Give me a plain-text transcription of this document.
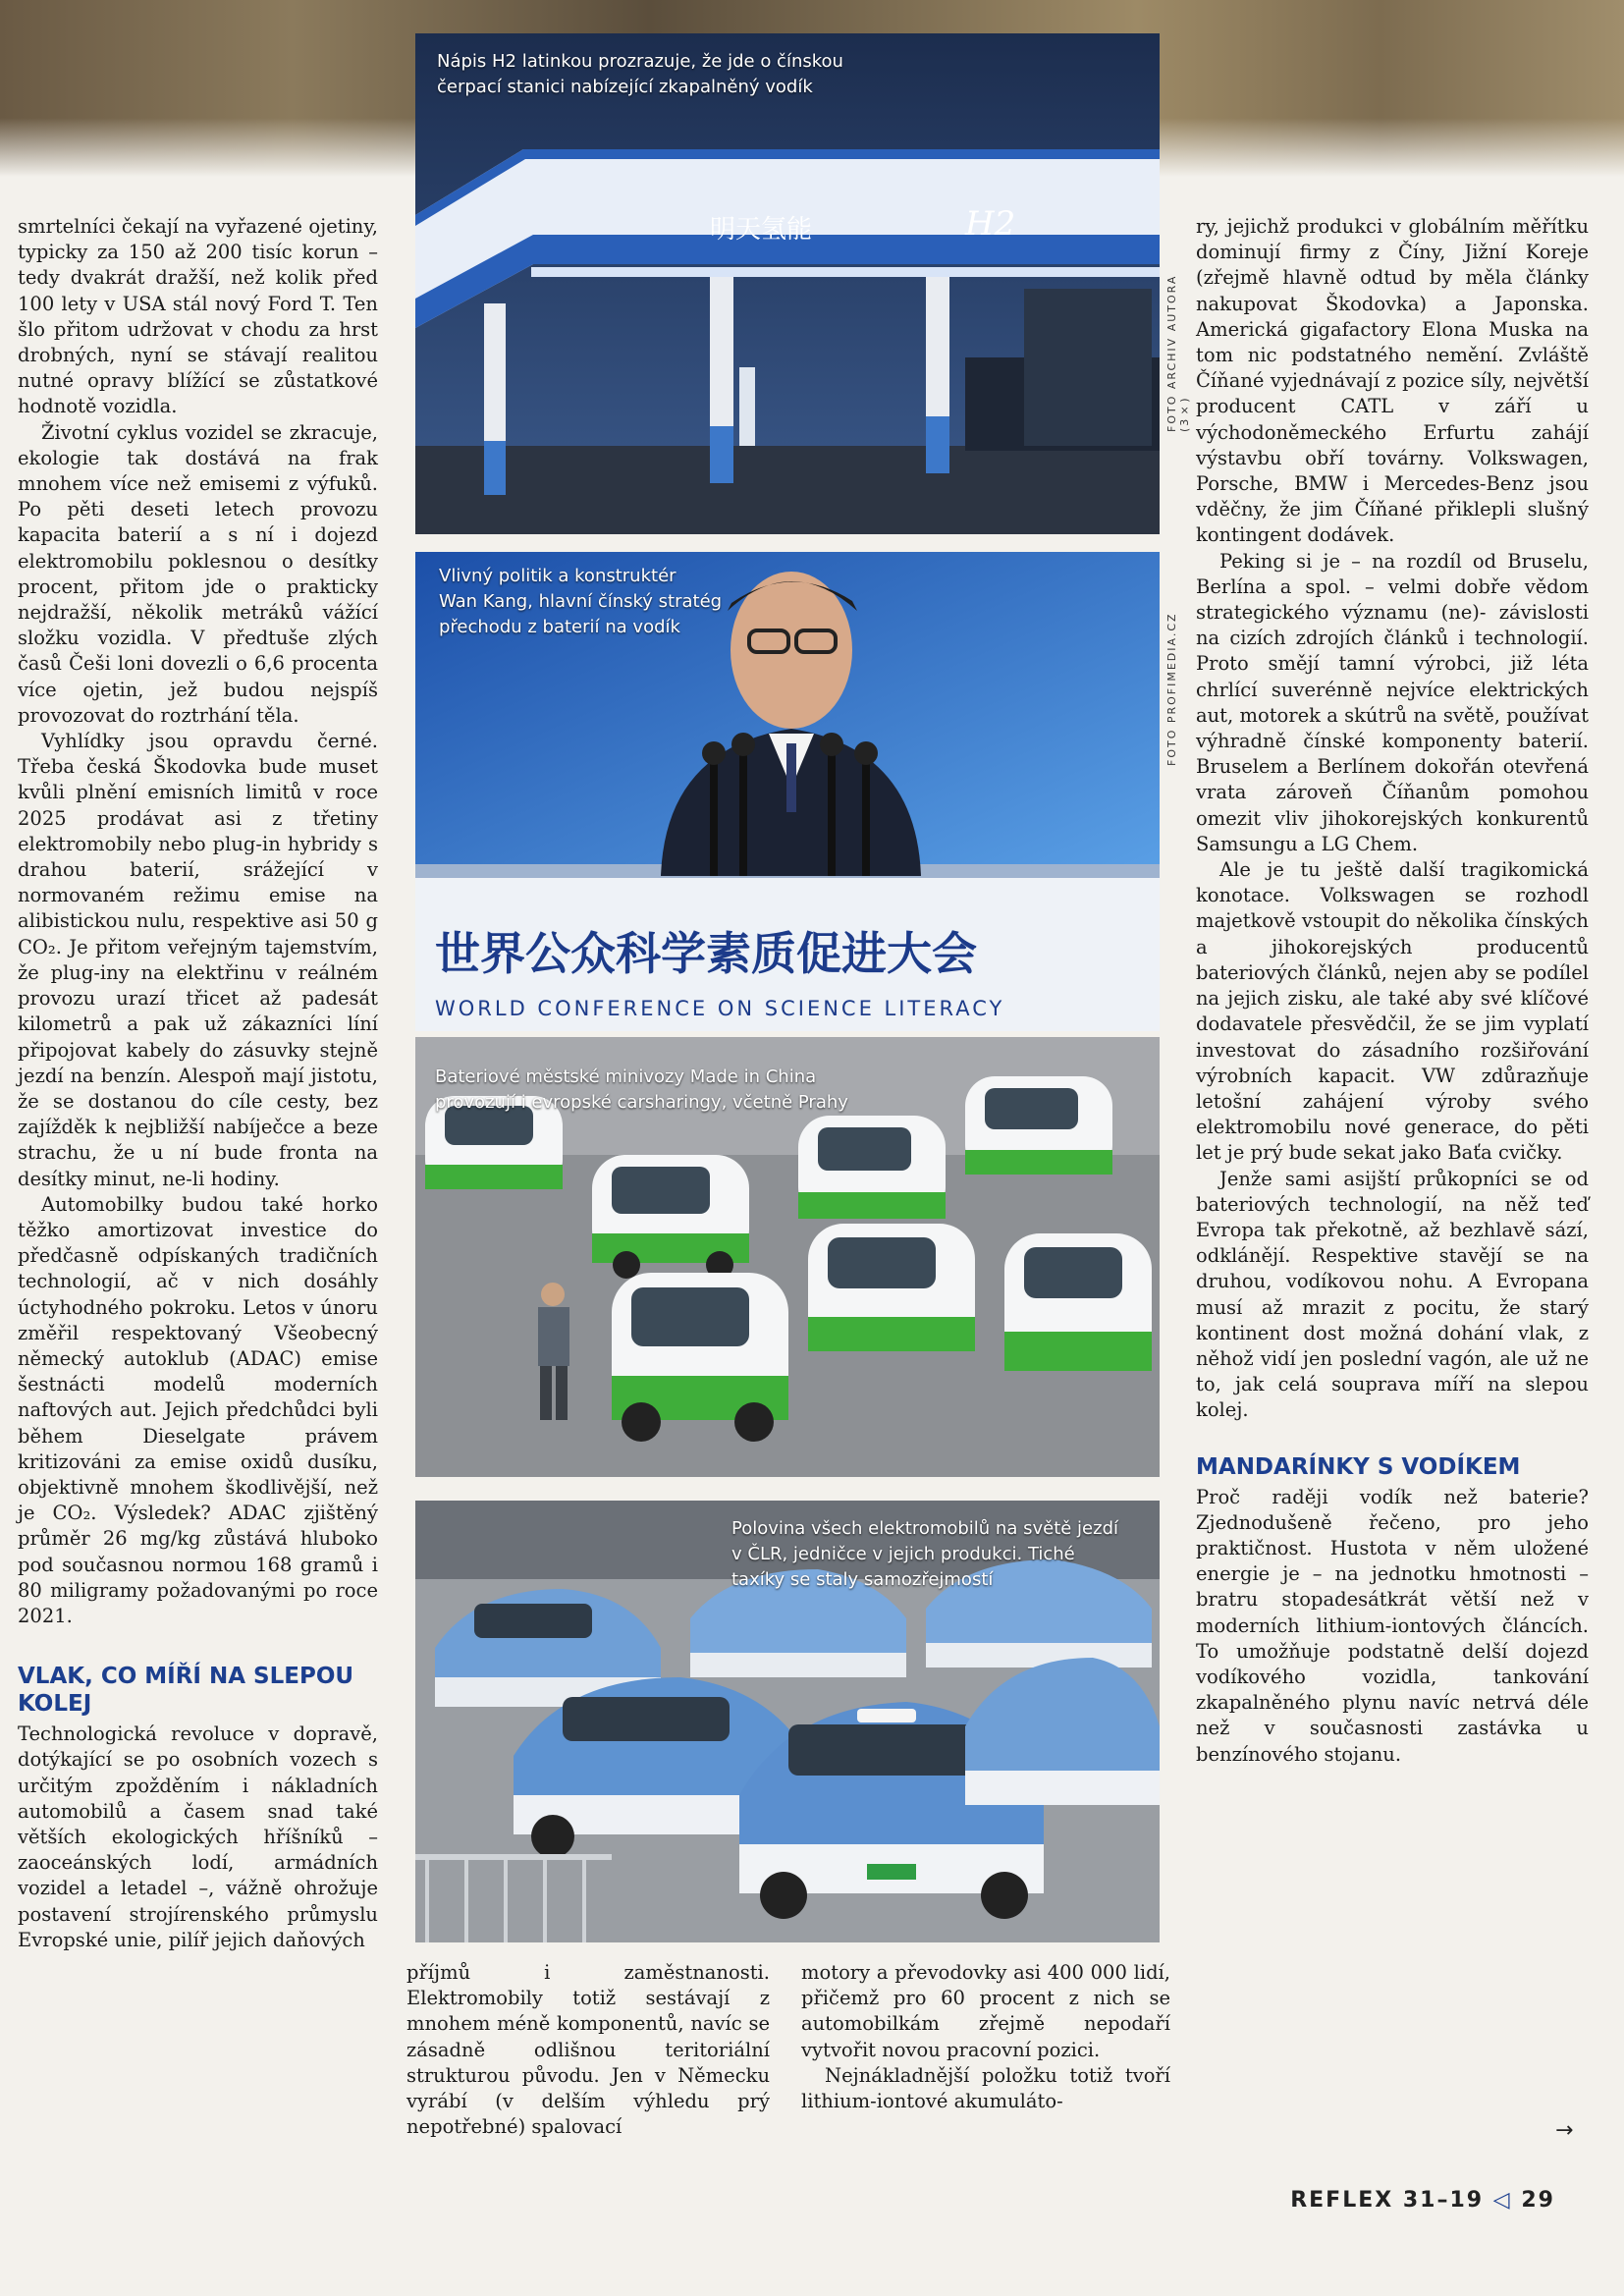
明天氢能	H2
Nápis H2 latinkou prozrazuje, že jde o čínskou
čerpací stanici nabízející zkapalněný vodík
FOTO ARCHIV AUTORA (3×)
世界公众科学素质促进大会
WORLD CONFERENCE ON SCIENCE LITERACY
Vlivný politik a konstruktér
Wan Kang, hlavní čínský stratég
přechodu z baterií na vodík	FOTO PROFIMEDIA.CZ
Bateriové městské minivozy Made in China
provozují i evropské carsharingy, včetně Prahy
Polovina všech elektromobilů na světě jezdí
v ČLR, jedničce v jejich produkci. Tiché
taxíky se staly samozřejmostí

smrtelníci čekají na vyřazené ojetiny, typicky za 150 až 200 tisíc korun – tedy dvakrát dražší, než kolik před 100 lety v USA stál nový Ford T. Ten šlo přitom udržovat v chodu za hrst drobných, nyní se stávají realitou nutné opravy blížící se zůstatkové hodnotě vozidla.

Životní cyklus vozidel se zkracuje, ekologie tak dostává na frak mnohem více než emisemi z výfuků. Po pěti deseti letech provozu kapacita baterií a s ní i dojezd elektromobilu poklesnou o desítky procent, přitom jde o prakticky nejdražší, několik metráků vážící složku vozidla. V předtuše zlých časů Češi loni dovezli o 6,6 procenta více ojetin, jež budou nejspíš provozovat do roztrhání těla.

Vyhlídky jsou opravdu černé. Třeba česká Škodovka bude muset kvůli plnění emisních limitů v roce 2025 prodávat asi z třetiny elektromobily nebo plug-in hybridy s drahou baterií, srážející v normovaném režimu emise na alibistickou nulu, respektive asi 50 g CO₂. Je přitom veřejným tajemstvím, že plug-iny na elektřinu v reálném provozu urazí třicet až padesát kilometrů a pak už zákazníci líní připojovat kabely do zásuvky stejně jezdí na benzín. Alespoň mají jistotu, že se dostanou do cíle cesty, bez zajížděk k nejbližší nabíječce a beze strachu, že u ní bude fronta na desítky minut, ne-li hodiny.

Automobilky budou také horko těžko amortizovat investice do předčasně odpískaných tradičních technologií, ač v nich dosáhly úctyhodného pokroku. Letos v únoru změřil respektovaný Všeobecný německý autoklub (ADAC) emise šestnácti modelů moderních naftových aut. Jejich předchůdci byli během Dieselgate právem kritizováni za emise oxidů dusíku, objektivně mnohem škodlivější, než je CO₂. Výsledek? ADAC zjištěný průměr 26 mg/kg zůstává hluboko pod současnou normou 168 gramů i 80 miligramy požadovanými po roce 2021.

VLAK, CO MÍŘÍ NA SLEPOU KOLEJ

Technologická revoluce v dopravě, dotýkající se po osobních vozech s určitým zpožděním i nákladních automobilů a časem snad také větších ekologických hříšníků – zaoceánských lodí, armádních vozidel a letadel –, vážně ohrožuje postavení strojírenského průmyslu Evropské unie, pilíř jejich daňových

příjmů i zaměstnanosti. Elektromobily totiž sestávají z mnohem méně komponentů, navíc se zásadně odlišnou teritoriální strukturou původu. Jen v Německu vyrábí (v delším výhledu prý nepotřebné) spalovací

motory a převodovky asi 400 000 lidí, přičemž pro 60 procent z nich se automobilkám zřejmě nepodaří vytvořit novou pracovní pozici.

Nejnákladnější položku totiž tvoří lithium-iontové akumuláto-

ry, jejichž produkci v globálním měřítku dominují firmy z Číny, Jižní Koreje (zřejmě hlavně odtud by měla články nakupovat Škodovka) a Japonska. Americká gigafactory Elona Muska na tom nic podstatného nemění. Zvláště Číňané vyjednávají z pozice síly, největší producent CATL v září u východoněmeckého Erfurtu zahájí výstavbu obří továrny. Volkswagen, Porsche, BMW i Mercedes-Benz jsou vděčny, že jim Číňané přiklepli slušný kontingent dodávek.

Peking si je – na rozdíl od Bruselu, Berlína a spol. – velmi dobře vědom strategického významu (ne)- závislosti na cizích zdrojích článků i technologií. Proto smějí tamní výrobci, již léta chrlící suverénně nejvíce elektrických aut, motorek a skútrů na světě, používat výhradně čínské komponenty baterií. Bruselem a Berlínem dokořán otevřená vrata zároveň Číňanům pomohou omezit vliv jihokorejských konkurentů Samsungu a LG Chem.

Ale je tu ještě další tragikomická konotace. Volkswagen se rozhodl majetkově vstoupit do několika čínských a jihokorejských producentů bateriových článků, nejen aby se podílel na jejich zisku, ale také aby své klíčové dodavatele přesvědčil, že se jim vyplatí investovat do zásadního rozšiřování výrobních kapacit. VW zdůrazňuje letošní zahájení výroby svého elektromobilu nové generace, do pěti let je prý bude sekat jako Baťa cvičky.

Jenže sami asijští průkopníci se od bateriových technologií, na něž teď Evropa tak překotně, až bezhlavě sází, odklánějí. Respektive stavějí se na druhou, vodíkovou nohu. A Evropana musí až mrazit z pocitu, že starý kontinent dost možná dohání vlak, z něhož vidí jen poslední vagón, ale už ne to, jak celá souprava míří na slepou kolej.

MANDARÍNKY S VODÍKEM

Proč raději vodík než baterie? Zjednodušeně řečeno, pro jeho praktičnost. Hustota v něm uložené energie je – na jednotku hmotnosti – bratru stopadesátkrát větší než v moderních lithium-iontových článcích. To umožňuje podstatně delší dojezd vodíkového vozidla, tankování zkapalněného plynu navíc netrvá déle než v současnosti zastávka u benzínového stojanu.

→
REFLEX 31–19 ◁ 29
